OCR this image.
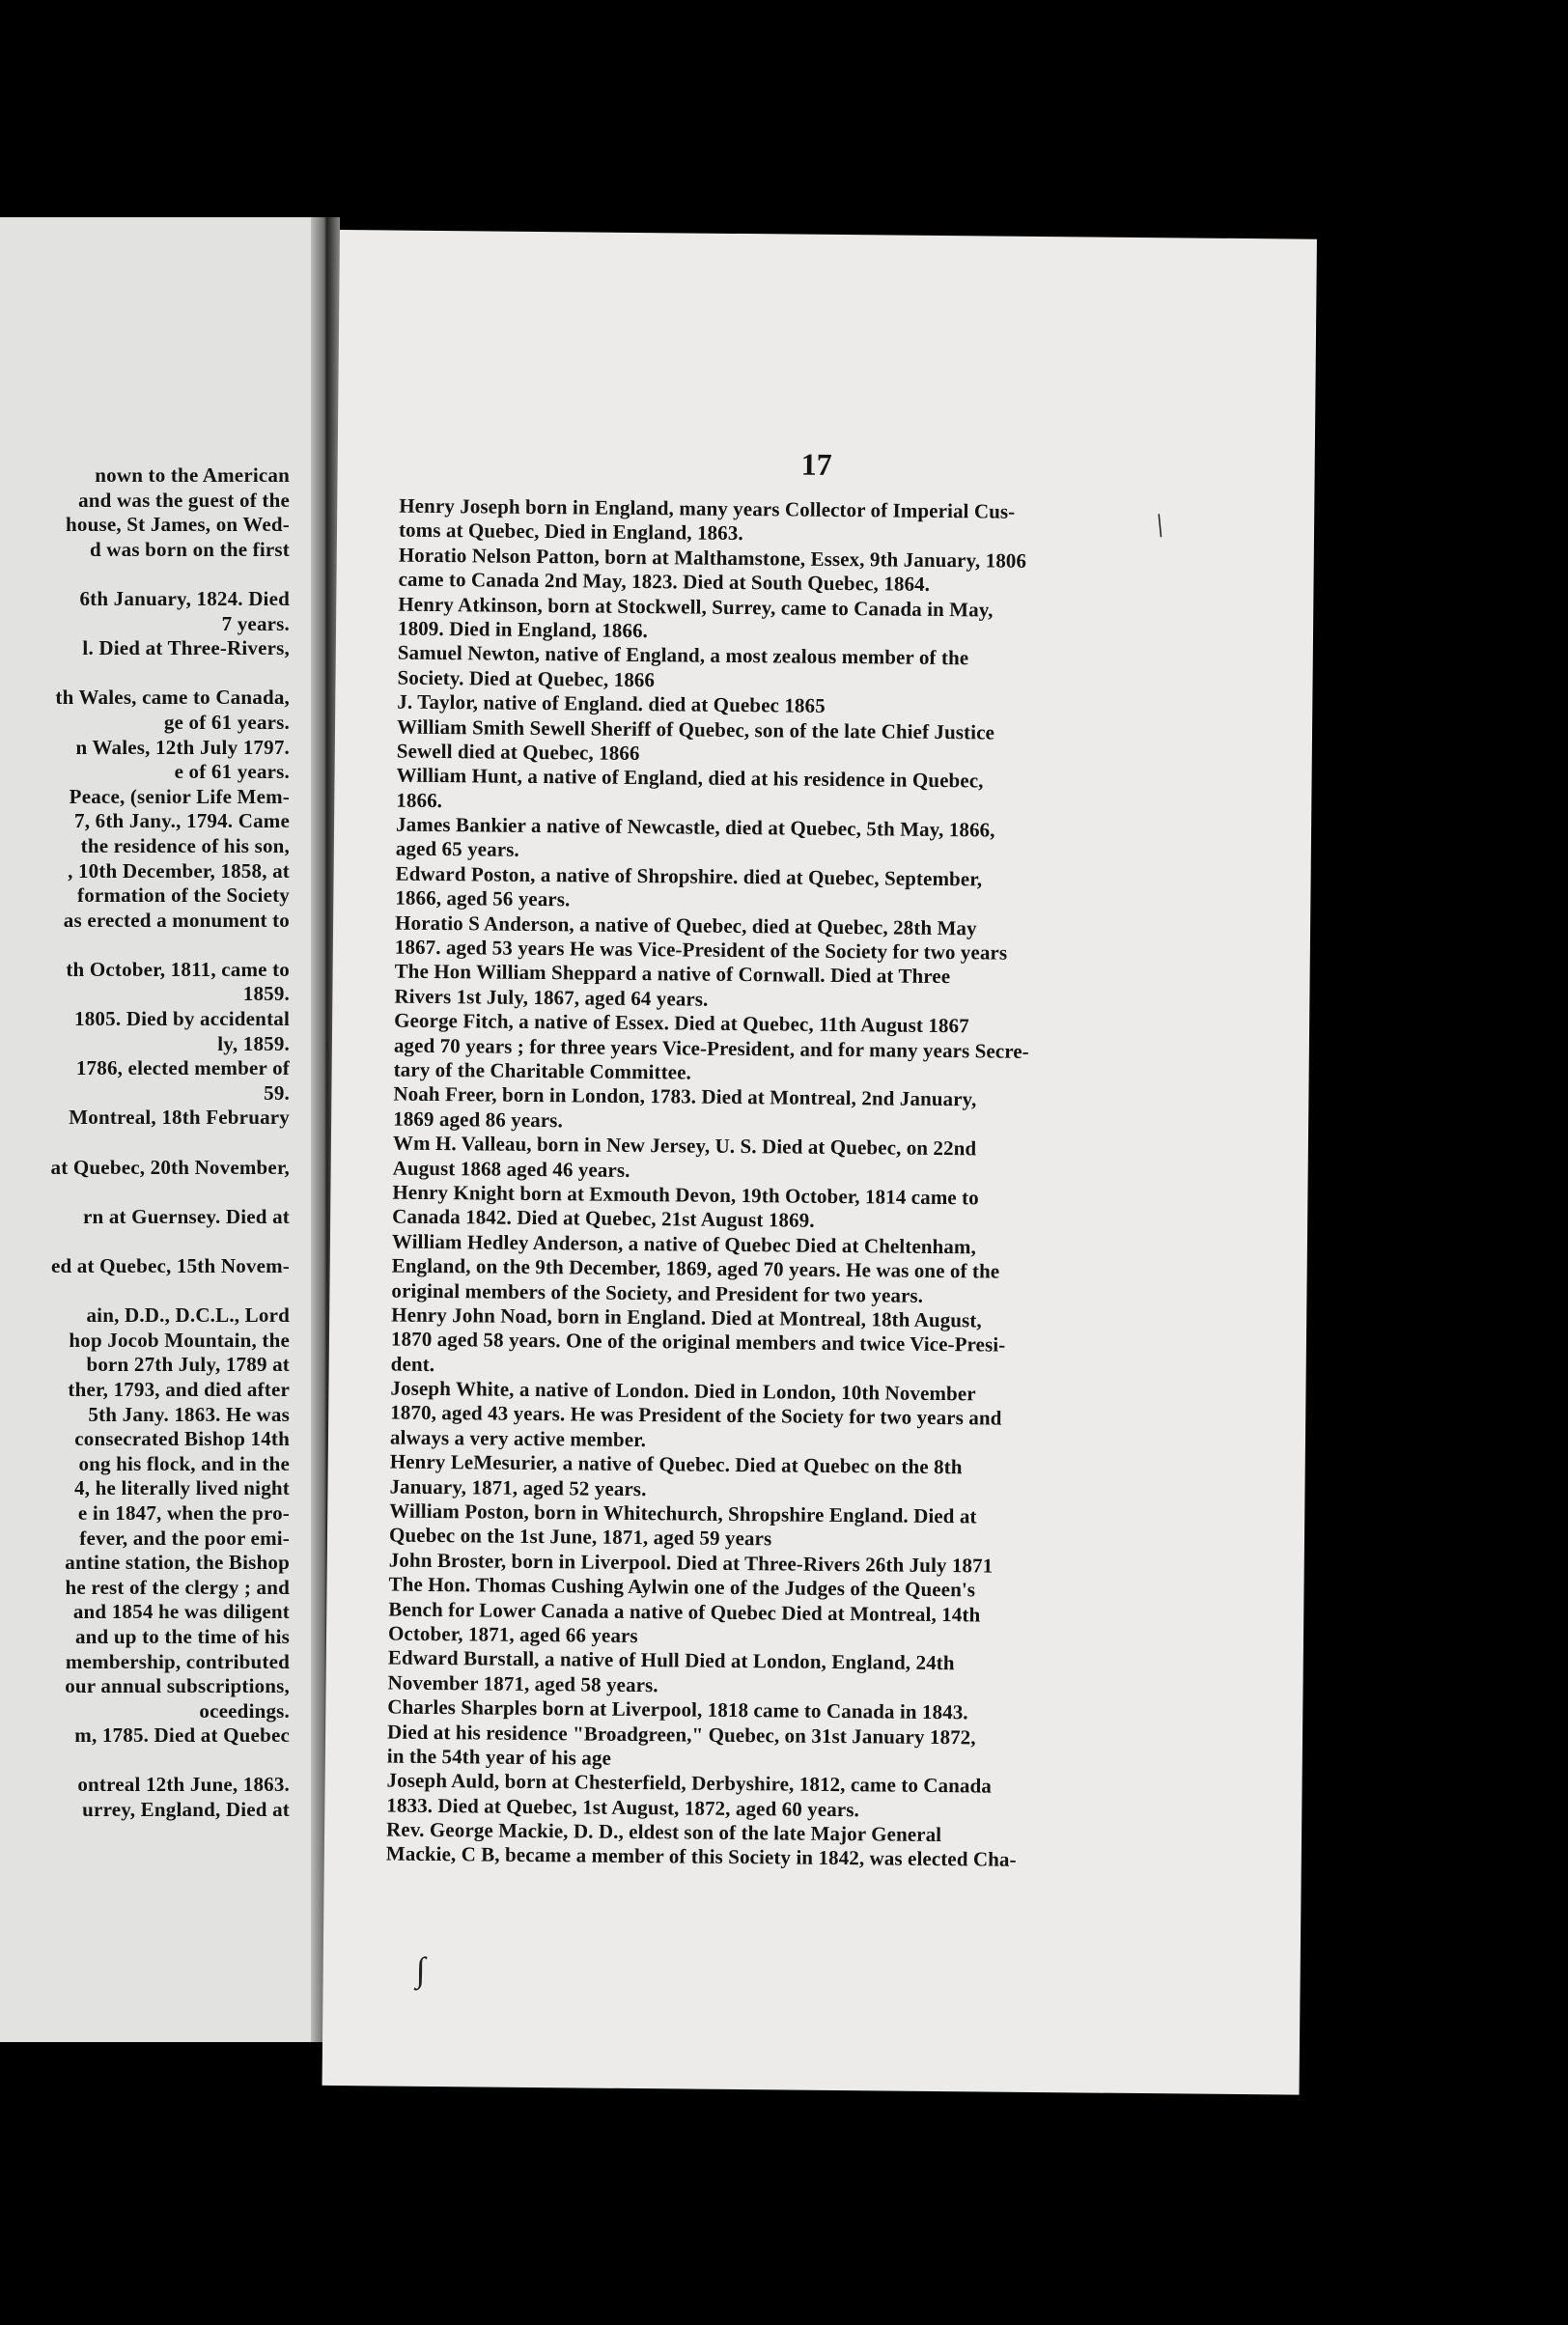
nown to the American
and was the guest of the
house, St James, on Wed-
d was born on the first
6th January, 1824. Died
7 years.
l. Died at Three-Rivers,
th Wales, came to Canada,
ge of 61 years.
n Wales, 12th July 1797.
e of 61 years.
Peace, (senior Life Mem-
7, 6th Jany., 1794. Came
the residence of his son,
, 10th December, 1858, at
formation of the Society
as erected a monument to
th October, 1811, came to
1859.
1805. Died by accidental
ly, 1859.
1786, elected member of
59.
Montreal, 18th February
at Quebec, 20th November,
rn at Guernsey. Died at
ed at Quebec, 15th Novem-
ain, D.D., D.C.L., Lord
hop Jocob Mountain, the
born 27th July, 1789 at
ther, 1793, and died after
5th Jany. 1863. He was
consecrated Bishop 14th
ong his flock, and in the
4, he literally lived night
e in 1847, when the pro-
fever, and the poor emi-
antine station, the Bishop
he rest of the clergy ; and
and 1854 he was diligent
and up to the time of his
membership, contributed
our annual subscriptions,
oceedings.
m, 1785. Died at Quebec
ontreal 12th June, 1863.
urrey, England, Died at
17
Henry Joseph born in England, many years Collector of Imperial Cus-
toms at Quebec, Died in England, 1863.
Horatio Nelson Patton, born at Malthamstone, Essex, 9th January, 1806
came to Canada 2nd May, 1823. Died at South Quebec, 1864.
Henry Atkinson, born at Stockwell, Surrey, came to Canada in May,
1809. Died in England, 1866.
Samuel Newton, native of England, a most zealous member of the
Society. Died at Quebec, 1866
J. Taylor, native of England. died at Quebec 1865
William Smith Sewell Sheriff of Quebec, son of the late Chief Justice
Sewell died at Quebec, 1866
William Hunt, a native of England, died at his residence in Quebec,
1866.
James Bankier a native of Newcastle, died at Quebec, 5th May, 1866,
aged 65 years.
Edward Poston, a native of Shropshire. died at Quebec, September,
1866, aged 56 years.
Horatio S Anderson, a native of Quebec, died at Quebec, 28th May
1867. aged 53 years He was Vice-President of the Society for two years
The Hon William Sheppard a native of Cornwall. Died at Three
Rivers 1st July, 1867, aged 64 years.
George Fitch, a native of Essex. Died at Quebec, 11th August 1867
aged 70 years ; for three years Vice-President, and for many years Secre-
tary of the Charitable Committee.
Noah Freer, born in London, 1783. Died at Montreal, 2nd January,
1869 aged 86 years.
Wm H. Valleau, born in New Jersey, U. S. Died at Quebec, on 22nd
August 1868 aged 46 years.
Henry Knight born at Exmouth Devon, 19th October, 1814 came to
Canada 1842. Died at Quebec, 21st August 1869.
William Hedley Anderson, a native of Quebec Died at Cheltenham,
England, on the 9th December, 1869, aged 70 years. He was one of the
original members of the Society, and President for two years.
Henry John Noad, born in England. Died at Montreal, 18th August,
1870 aged 58 years. One of the original members and twice Vice-Presi-
dent.
Joseph White, a native of London. Died in London, 10th November
1870, aged 43 years. He was President of the Society for two years and
always a very active member.
Henry LeMesurier, a native of Quebec. Died at Quebec on the 8th
January, 1871, aged 52 years.
William Poston, born in Whitechurch, Shropshire England. Died at
Quebec on the 1st June, 1871, aged 59 years
John Broster, born in Liverpool. Died at Three-Rivers 26th July 1871
The Hon. Thomas Cushing Aylwin one of the Judges of the Queen's
Bench for Lower Canada a native of Quebec Died at Montreal, 14th
October, 1871, aged 66 years
Edward Burstall, a native of Hull Died at London, England, 24th
November 1871, aged 58 years.
Charles Sharples born at Liverpool, 1818 came to Canada in 1843.
Died at his residence "Broadgreen," Quebec, on 31st January 1872,
in the 54th year of his age
Joseph Auld, born at Chesterfield, Derbyshire, 1812, came to Canada
1833. Died at Quebec, 1st August, 1872, aged 60 years.
Rev. George Mackie, D. D., eldest son of the late Major General
Mackie, C B, became a member of this Society in 1842, was elected Cha-
/
∫
